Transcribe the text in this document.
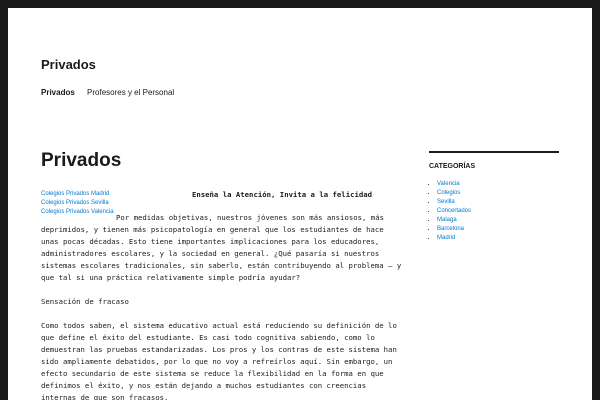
Privados
Privados Profesores y el Personal
Privados
Colegios Privados Madrid
Colegios Privados Sevilla
Colegios Privados Valencia

Enseña la Atención, Invita a la felicidad

Por medidas objetivas, nuestros jóvenes son más ansiosos, más deprimidos, y tienen más psicopatología en general que los estudiantes de hace unas pocas décadas. Esto tiene importantes implicaciones para los educadores, administradores escolares, y la sociedad en general. ¿Qué pasaría si nuestros sistemas escolares tradicionales, sin saberlo, están contribuyendo al problema — y que tal si una práctica relativamente simple podría ayudar?

Sensación de fracaso

Como todos saben, el sistema educativo actual está reduciendo su definición de lo que define el éxito del estudiante. Es casi todo cognitiva sabiendo, como lo demuestran las pruebas estandarizadas. Los pros y los contras de este sistema han sido ampliamente debatidos, por lo que no voy a refreírlos aquí. Sin embargo, un efecto secundario de este sistema se reduce la flexibilidad en la forma en que definimos el éxito, y nos están dejando a muchos estudiantes con creencias internas de que son fracasos.

CATEGORÍAS
• Valencia
• Colegios
• Sevilla
• Concertados
• Malaga
• Barcelona
• Madrid
